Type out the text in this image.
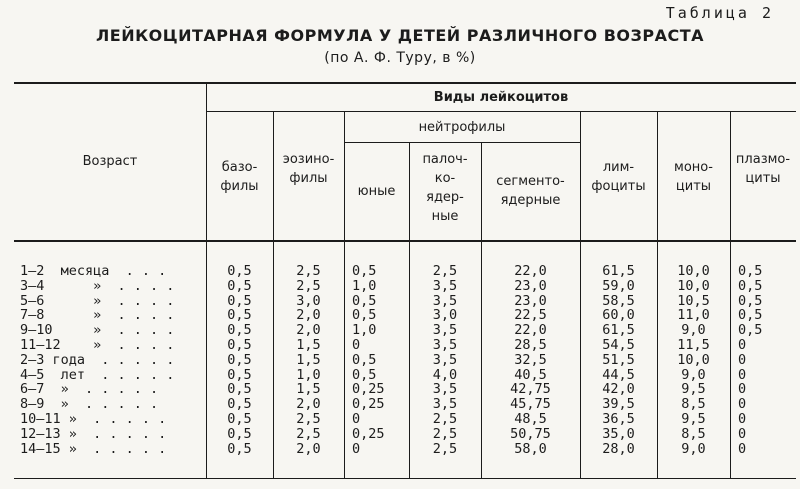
Таблица 2
ЛЕЙКОЦИТАРНАЯ ФОРМУЛА У ДЕТЕЙ РАЗЛИЧНОГО ВОЗРАСТА
(по А. Ф. Туру, в %)
Возраст
Виды лейкоцитов
нейтрофилы
базо-
филы
эозино-
филы
юные
палоч-
ко-
ядер-
ные
сегменто-
ядерные
лим-
фоциты
моно-
циты
плазмо-
циты
1—2  месяца  . . .
3—4      »  . . . .
5—6      »  . . . .
7—8      »  . . . .
9—10     »  . . . .
11—12    »  . . . .
2—3 года  . . . . .
4—5  лет  . . . . .
6—7  »  . . . . .
8—9  »  . . . . .
10—11 »  . . . . .
12—13 »  . . . . .
14—15 »  . . . . .
0,5
0,5
0,5
0,5
0,5
0,5
0,5
0,5
0,5
0,5
0,5
0,5
0,5
2,5
2,5
3,0
2,0
2,0
1,5
1,5
1,0
1,5
2,0
2,5
2,5
2,0
0,5
1,0
0,5
0,5
1,0
0
0,5
0,5
0,25
0,25
0
0,25
0
2,5
3,5
3,5
3,0
3,5
3,5
3,5
4,0
3,5
3,5
2,5
2,5
2,5
22,0
23,0
23,0
22,5
22,0
28,5
32,5
40,5
42,75
45,75
48,5
50,75
58,0
61,5
59,0
58,5
60,0
61,5
54,5
51,5
44,5
42,0
39,5
36,5
35,0
28,0
10,0
10,0
10,5
11,0
9,0
11,5
10,0
9,0
9,5
8,5
9,5
8,5
9,0
0,5
0,5
0,5
0,5
0,5
0
0
0
0
0
0
0
0
